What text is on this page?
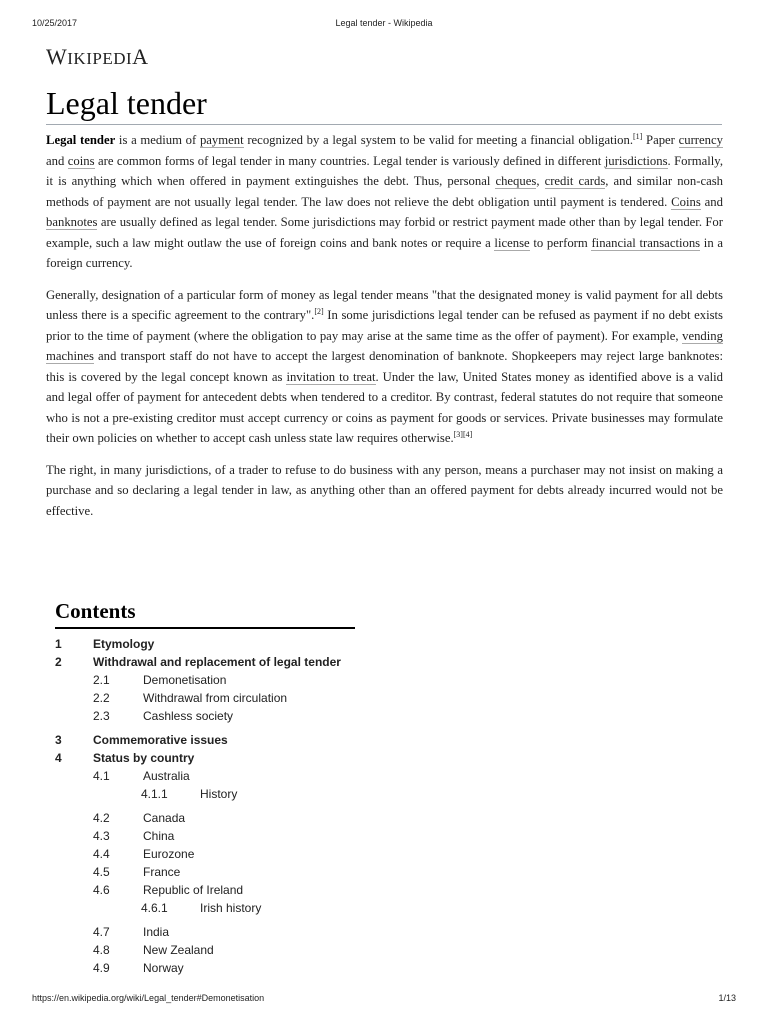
10/25/2017	Legal tender - Wikipedia
WIKIPEDIA
Legal tender

Legal tender is a medium of payment recognized by a legal system to be valid for meeting a financial obligation.[1] Paper currency and coins are common forms of legal tender in many countries. Legal tender is variously defined in different jurisdictions. Formally, it is anything which when offered in payment extinguishes the debt. Thus, personal cheques, credit cards, and similar non-cash methods of payment are not usually legal tender. The law does not relieve the debt obligation until payment is tendered. Coins and banknotes are usually defined as legal tender. Some jurisdictions may forbid or restrict payment made other than by legal tender. For example, such a law might outlaw the use of foreign coins and bank notes or require a license to perform financial transactions in a foreign currency.

Generally, designation of a particular form of money as legal tender means "that the designated money is valid payment for all debts unless there is a specific agreement to the contrary".[2] In some jurisdictions legal tender can be refused as payment if no debt exists prior to the time of payment (where the obligation to pay may arise at the same time as the offer of payment). For example, vending machines and transport staff do not have to accept the largest denomination of banknote. Shopkeepers may reject large banknotes: this is covered by the legal concept known as invitation to treat. Under the law, United States money as identified above is a valid and legal offer of payment for antecedent debts when tendered to a creditor. By contrast, federal statutes do not require that someone who is not a pre-existing creditor must accept currency or coins as payment for goods or services. Private businesses may formulate their own policies on whether to accept cash unless state law requires otherwise.[3][4]

The right, in many jurisdictions, of a trader to refuse to do business with any person, means a purchaser may not insist on making a purchase and so declaring a legal tender in law, as anything other than an offered payment for debts already incurred would not be effective.

Contents
1	Etymology
2	Withdrawal and replacement of legal tender
2.1	Demonetisation
2.2	Withdrawal from circulation
2.3	Cashless society
3	Commemorative issues
4	Status by country
4.1	Australia
4.1.1	History
4.2	Canada
4.3	China
4.4	Eurozone
4.5	France
4.6	Republic of Ireland
4.6.1	Irish history
4.7	India
4.8	New Zealand
4.9	Norway
https://en.wikipedia.org/wiki/Legal_tender#Demonetisation	1/13
